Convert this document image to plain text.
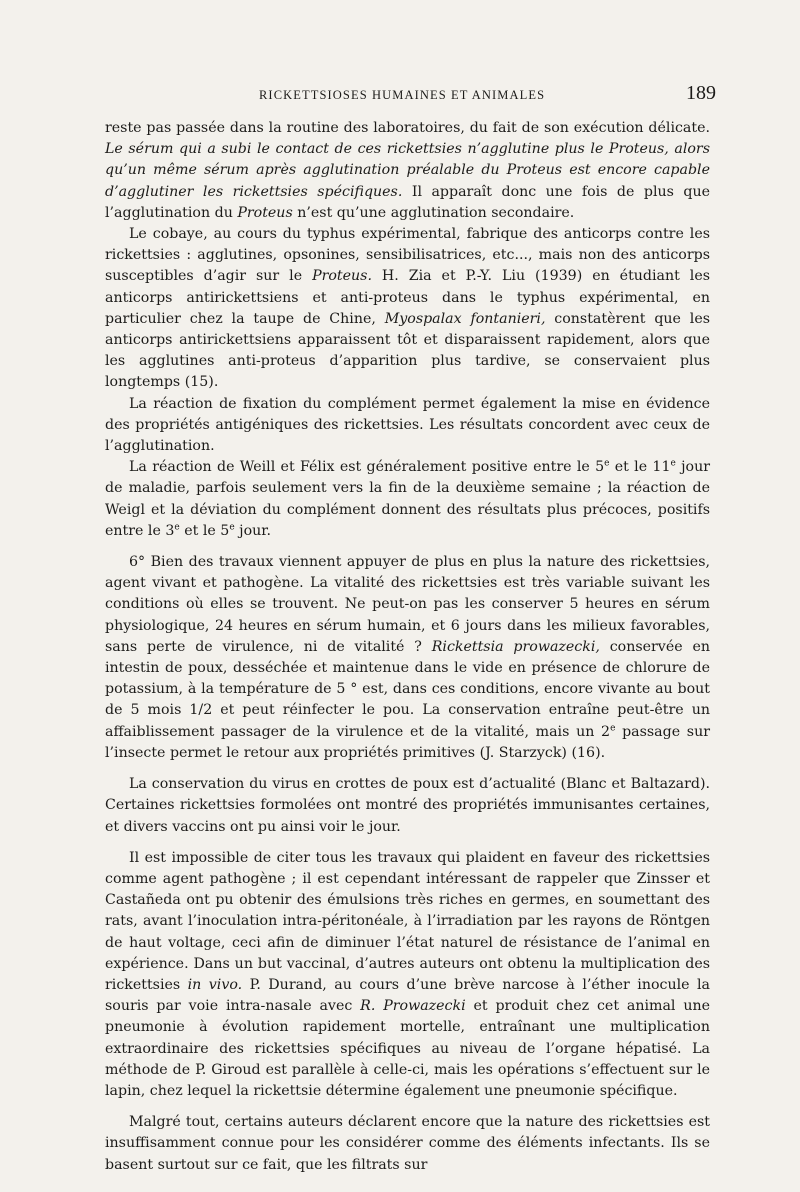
RICKETTSIOSES HUMAINES ET ANIMALES	189

reste pas passée dans la routine des laboratoires, du fait de son exécution délicate. Le sérum qui a subi le contact de ces rickettsies n’agglutine plus le Proteus, alors qu’un même sérum après agglutination préalable du Proteus est encore capable d’agglutiner les rickettsies spécifiques. Il apparaît donc une fois de plus que l’agglutination du Proteus n’est qu’une agglutination secondaire.

Le cobaye, au cours du typhus expérimental, fabrique des anticorps contre les rickettsies : agglutines, opsonines, sensibilisatrices, etc..., mais non des anticorps susceptibles d’agir sur le Proteus. H. Zia et P.-Y. Liu (1939) en étudiant les anticorps antirickettsiens et anti-proteus dans le typhus expérimental, en particulier chez la taupe de Chine, Myospalax fontanieri, constatèrent que les anticorps antirickettsiens apparaissent tôt et disparaissent rapidement, alors que les agglutines anti-proteus d’apparition plus tardive, se conservaient plus longtemps (15).

La réaction de fixation du complément permet également la mise en évidence des propriétés antigéniques des rickettsies. Les résultats concordent avec ceux de l’agglutination.

La réaction de Weill et Félix est généralement positive entre le 5e et le 11e jour de maladie, parfois seulement vers la fin de la deuxième semaine ; la réaction de Weigl et la déviation du complément donnent des résultats plus précoces, positifs entre le 3e et le 5e jour.

6° Bien des travaux viennent appuyer de plus en plus la nature des rickettsies, agent vivant et pathogène. La vitalité des rickettsies est très variable suivant les conditions où elles se trouvent. Ne peut-on pas les conserver 5 heures en sérum physiologique, 24 heures en sérum humain, et 6 jours dans les milieux favorables, sans perte de virulence, ni de vitalité ? Rickettsia prowazecki, conservée en intestin de poux, desséchée et maintenue dans le vide en présence de chlorure de potassium, à la température de 5 ° est, dans ces conditions, encore vivante au bout de 5 mois 1/2 et peut réinfecter le pou. La conservation entraîne peut-être un affaiblissement passager de la virulence et de la vitalité, mais un 2e passage sur l’insecte permet le retour aux propriétés primitives (J. Starzyck) (16).

La conservation du virus en crottes de poux est d’actualité (Blanc et Baltazard). Certaines rickettsies formolées ont montré des propriétés immunisantes certaines, et divers vaccins ont pu ainsi voir le jour.

Il est impossible de citer tous les travaux qui plaident en faveur des rickettsies comme agent pathogène ; il est cependant intéressant de rappeler que Zinsser et Castañeda ont pu obtenir des émulsions très riches en germes, en soumettant des rats, avant l’inoculation intra-péritonéale, à l’irradiation par les rayons de Röntgen de haut voltage, ceci afin de diminuer l’état naturel de résistance de l’animal en expérience. Dans un but vaccinal, d’autres auteurs ont obtenu la multiplication des rickettsies in vivo. P. Durand, au cours d’une brève narcose à l’éther inocule la souris par voie intra-nasale avec R. Prowazecki et produit chez cet animal une pneumonie à évolution rapidement mortelle, entraînant une multiplication extraordinaire des rickettsies spécifiques au niveau de l’organe hépatisé. La méthode de P. Giroud est parallèle à celle-ci, mais les opérations s’effectuent sur le lapin, chez lequel la rickettsie détermine également une pneumonie spécifique.

Malgré tout, certains auteurs déclarent encore que la nature des rickettsies est insuffisamment connue pour les considérer comme des éléments infectants. Ils se basent surtout sur ce fait, que les filtrats sur
